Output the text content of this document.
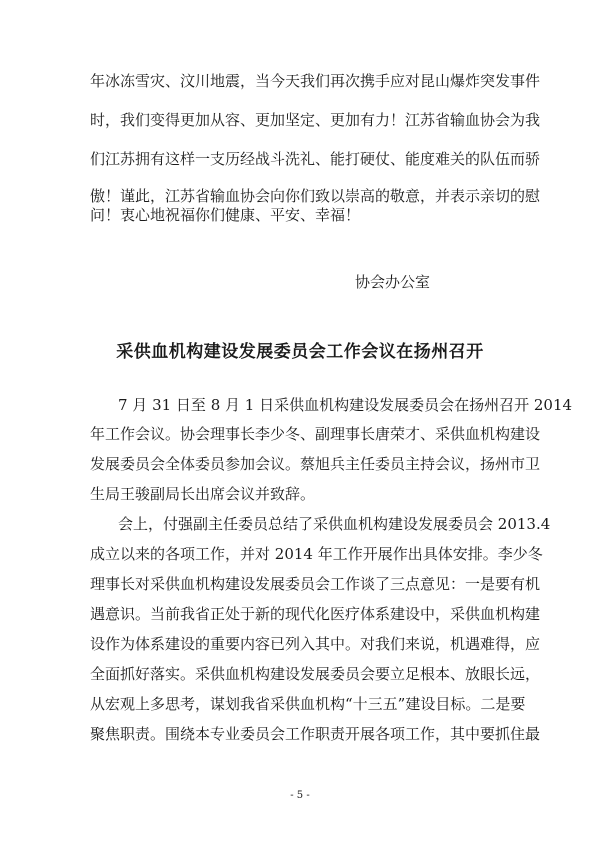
年冰冻雪灾、汶川地震，当今天我们再次携手应对昆山爆炸突发事件

时，我们变得更加从容、更加坚定、更加有力！江苏省输血协会为我

们江苏拥有这样一支历经战斗洗礼、能打硬仗、能度难关的队伍而骄

傲！谨此，江苏省输血协会向你们致以崇高的敬意，并表示亲切的慰

问！衷心地祝福你们健康、平安、幸福！

协会办公室

采供血机构建设发展委员会工作会议在扬州召开

7 月 31 日至 8 月 1 日采供血机构建设发展委员会在扬州召开 2014

年工作会议。协会理事长李少冬、副理事长唐荣才、采供血机构建设

发展委员会全体委员参加会议。蔡旭兵主任委员主持会议，扬州市卫

生局王骏副局长出席会议并致辞。

会上，付强副主任委员总结了采供血机构建设发展委员会 2013.4

成立以来的各项工作，并对 2014 年工作开展作出具体安排。李少冬

理事长对采供血机构建设发展委员会工作谈了三点意见：一是要有机

遇意识。当前我省正处于新的现代化医疗体系建设中，采供血机构建

设作为体系建设的重要内容已列入其中。对我们来说，机遇难得，应

全面抓好落实。采供血机构建设发展委员会要立足根本、放眼长远，

从宏观上多思考，谋划我省采供血机构“十三五”建设目标。二是要

聚焦职责。围绕本专业委员会工作职责开展各项工作，其中要抓住最

- 5 -
